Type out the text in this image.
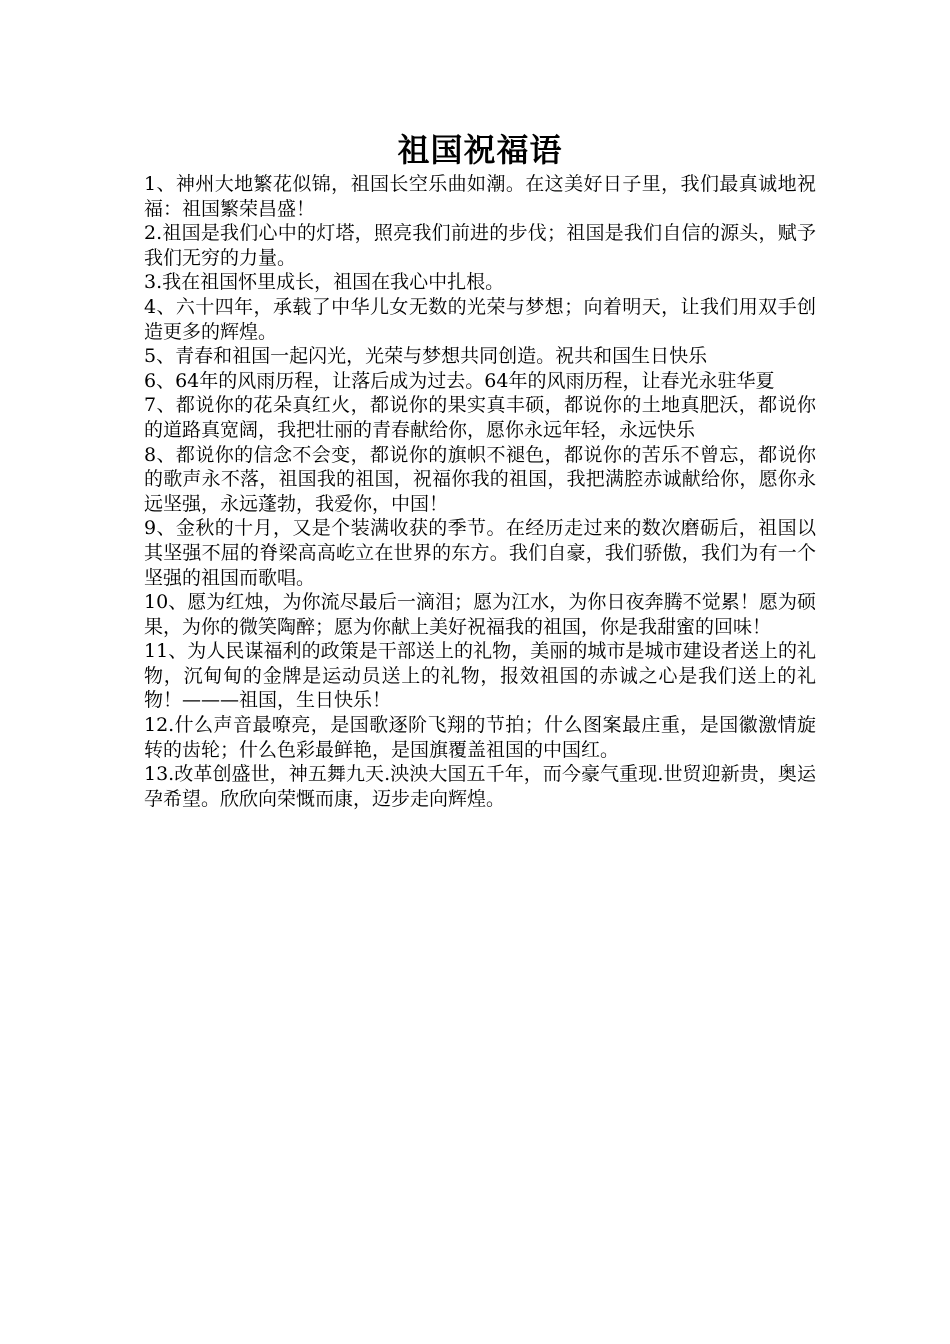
祖国祝福语

1、神州大地繁花似锦，祖国长空乐曲如潮。在这美好日子里，我们最真诚地祝福：祖国繁荣昌盛！

2.祖国是我们心中的灯塔，照亮我们前进的步伐；祖国是我们自信的源头，赋予我们无穷的力量。

3.我在祖国怀里成长，祖国在我心中扎根。

4、六十四年，承载了中华儿女无数的光荣与梦想；向着明天，让我们用双手创造更多的辉煌。

5、青春和祖国一起闪光，光荣与梦想共同创造。祝共和国生日快乐

6、64年的风雨历程，让落后成为过去。64年的风雨历程，让春光永驻华夏

7、都说你的花朵真红火，都说你的果实真丰硕，都说你的土地真肥沃，都说你的道路真宽阔，我把壮丽的青春献给你，愿你永远年轻，永远快乐

8、都说你的信念不会变，都说你的旗帜不褪色，都说你的苦乐不曾忘，都说你的歌声永不落，祖国我的祖国，祝福你我的祖国，我把满腔赤诚献给你，愿你永远坚强，永远蓬勃，我爱你，中国！

9、金秋的十月，又是个装满收获的季节。在经历走过来的数次磨砺后，祖国以其坚强不屈的脊梁高高屹立在世界的东方。我们自豪，我们骄傲，我们为有一个坚强的祖国而歌唱。

10、愿为红烛，为你流尽最后一滴泪；愿为江水，为你日夜奔腾不觉累！愿为硕果，为你的微笑陶醉；愿为你献上美好祝福我的祖国，你是我甜蜜的回味！

11、为人民谋福利的政策是干部送上的礼物，美丽的城市是城市建设者送上的礼物，沉甸甸的金牌是运动员送上的礼物，报效祖国的赤诚之心是我们送上的礼物！———祖国，生日快乐！

12.什么声音最嘹亮，是国歌逐阶飞翔的节拍；什么图案最庄重，是国徽激情旋转的齿轮；什么色彩最鲜艳，是国旗覆盖祖国的中国红。

13.改革创盛世，神五舞九天.泱泱大国五千年，而今豪气重现.世贸迎新贵，奥运孕希望。欣欣向荣慨而康，迈步走向辉煌。
